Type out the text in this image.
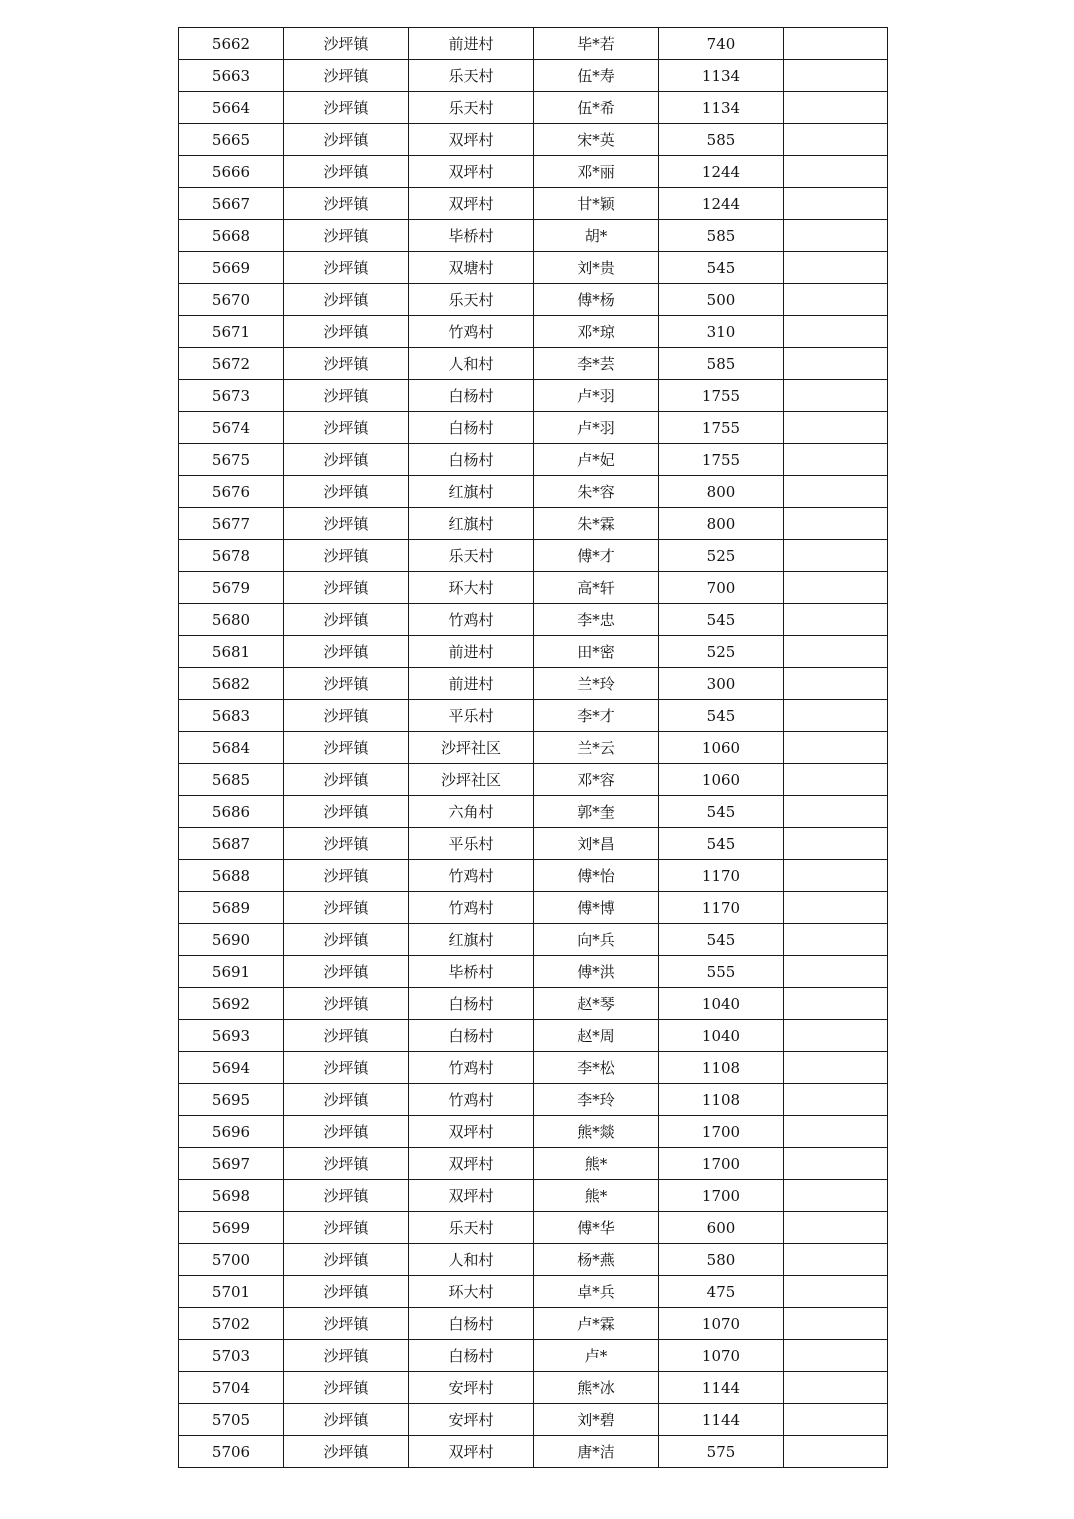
5662	沙坪镇	前进村	毕*若	740	
5663	沙坪镇	乐天村	伍*寿	1134	
5664	沙坪镇	乐天村	伍*希	1134	
5665	沙坪镇	双坪村	宋*英	585	
5666	沙坪镇	双坪村	邓*丽	1244	
5667	沙坪镇	双坪村	甘*颖	1244	
5668	沙坪镇	毕桥村	胡*	585	
5669	沙坪镇	双塘村	刘*贵	545	
5670	沙坪镇	乐天村	傅*杨	500	
5671	沙坪镇	竹鸡村	邓*琼	310	
5672	沙坪镇	人和村	李*芸	585	
5673	沙坪镇	白杨村	卢*羽	1755	
5674	沙坪镇	白杨村	卢*羽	1755	
5675	沙坪镇	白杨村	卢*妃	1755	
5676	沙坪镇	红旗村	朱*容	800	
5677	沙坪镇	红旗村	朱*霖	800	
5678	沙坪镇	乐天村	傅*才	525	
5679	沙坪镇	环大村	高*轩	700	
5680	沙坪镇	竹鸡村	李*忠	545	
5681	沙坪镇	前进村	田*密	525	
5682	沙坪镇	前进村	兰*玲	300	
5683	沙坪镇	平乐村	李*才	545	
5684	沙坪镇	沙坪社区	兰*云	1060	
5685	沙坪镇	沙坪社区	邓*容	1060	
5686	沙坪镇	六角村	郭*奎	545	
5687	沙坪镇	平乐村	刘*昌	545	
5688	沙坪镇	竹鸡村	傅*怡	1170	
5689	沙坪镇	竹鸡村	傅*博	1170	
5690	沙坪镇	红旗村	向*兵	545	
5691	沙坪镇	毕桥村	傅*洪	555	
5692	沙坪镇	白杨村	赵*琴	1040	
5693	沙坪镇	白杨村	赵*周	1040	
5694	沙坪镇	竹鸡村	李*松	1108	
5695	沙坪镇	竹鸡村	李*玲	1108	
5696	沙坪镇	双坪村	熊*燚	1700	
5697	沙坪镇	双坪村	熊*	1700	
5698	沙坪镇	双坪村	熊*	1700	
5699	沙坪镇	乐天村	傅*华	600	
5700	沙坪镇	人和村	杨*燕	580	
5701	沙坪镇	环大村	卓*兵	475	
5702	沙坪镇	白杨村	卢*霖	1070	
5703	沙坪镇	白杨村	卢*	1070	
5704	沙坪镇	安坪村	熊*冰	1144	
5705	沙坪镇	安坪村	刘*碧	1144	
5706	沙坪镇	双坪村	唐*洁	575	
